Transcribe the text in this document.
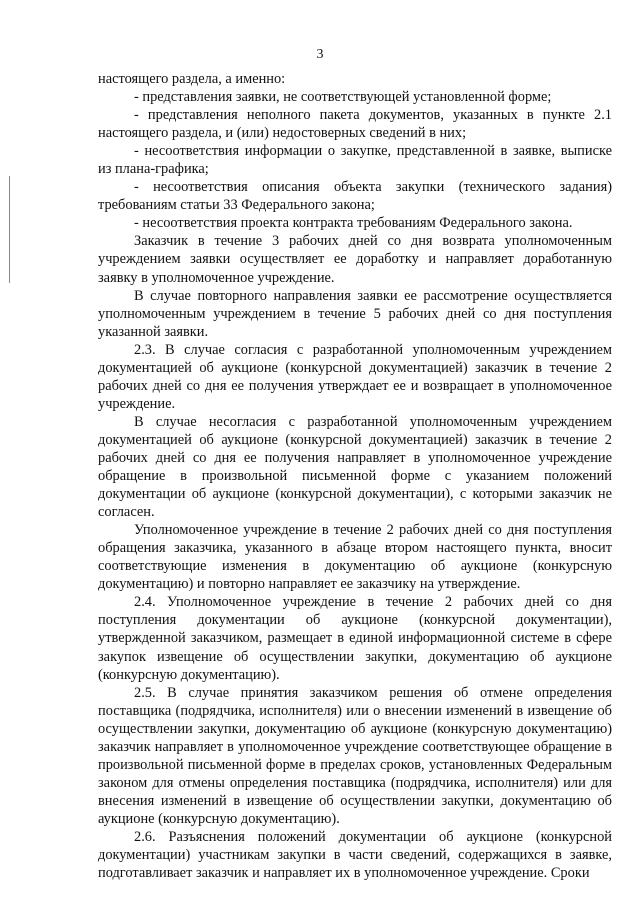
3

настоящего раздела, а именно:

- представления заявки, не соответствующей установленной форме;

- представления неполного пакета документов, указанных в пункте 2.1 настоящего раздела, и (или) недостоверных сведений в них;

- несоответствия информации о закупке, представленной в заявке, выписке из плана-графика;

- несоответствия описания объекта закупки (технического задания) требованиям статьи 33 Федерального закона;

- несоответствия проекта контракта требованиям Федерального закона.

Заказчик в течение 3 рабочих дней со дня возврата уполномоченным учреждением заявки осуществляет ее доработку и направляет доработанную заявку в уполномоченное учреждение.

В случае повторного направления заявки ее рассмотрение осуществляется уполномоченным учреждением в течение 5 рабочих дней со дня поступления указанной заявки.

2.3. В случае согласия с разработанной уполномоченным учреждением документацией об аукционе (конкурсной документацией) заказчик в течение 2 рабочих дней со дня ее получения утверждает ее и возвращает в уполномоченное учреждение.

В случае несогласия с разработанной уполномоченным учреждением документацией об аукционе (конкурсной документацией) заказчик в течение 2 рабочих дней со дня ее получения направляет в уполномоченное учреждение обращение в произвольной письменной форме с указанием положений документации об аукционе (конкурсной документации), с которыми заказчик не согласен.

Уполномоченное учреждение в течение 2 рабочих дней со дня поступления обращения заказчика, указанного в абзаце втором настоящего пункта, вносит соответствующие изменения в документацию об аукционе (конкурсную документацию) и повторно направляет ее заказчику на утверждение.

2.4. Уполномоченное учреждение в течение 2 рабочих дней со дня поступления документации об аукционе (конкурсной документации), утвержденной заказчиком, размещает в единой информационной системе в сфере закупок извещение об осуществлении закупки, документацию об аукционе (конкурсную документацию).

2.5. В случае принятия заказчиком решения об отмене определения поставщика (подрядчика, исполнителя) или о внесении изменений в извещение об осуществлении закупки, документацию об аукционе (конкурсную документацию) заказчик направляет в уполномоченное учреждение соответствующее обращение в произвольной письменной форме в пределах сроков, установленных Федеральным законом для отмены определения поставщика (подрядчика, исполнителя) или для внесения изменений в извещение об осуществлении закупки, документацию об аукционе (конкурсную документацию).

2.6. Разъяснения положений документации об аукционе (конкурсной документации) участникам закупки в части сведений, содержащихся в заявке, подготавливает заказчик и направляет их в уполномоченное учреждение. Сроки
